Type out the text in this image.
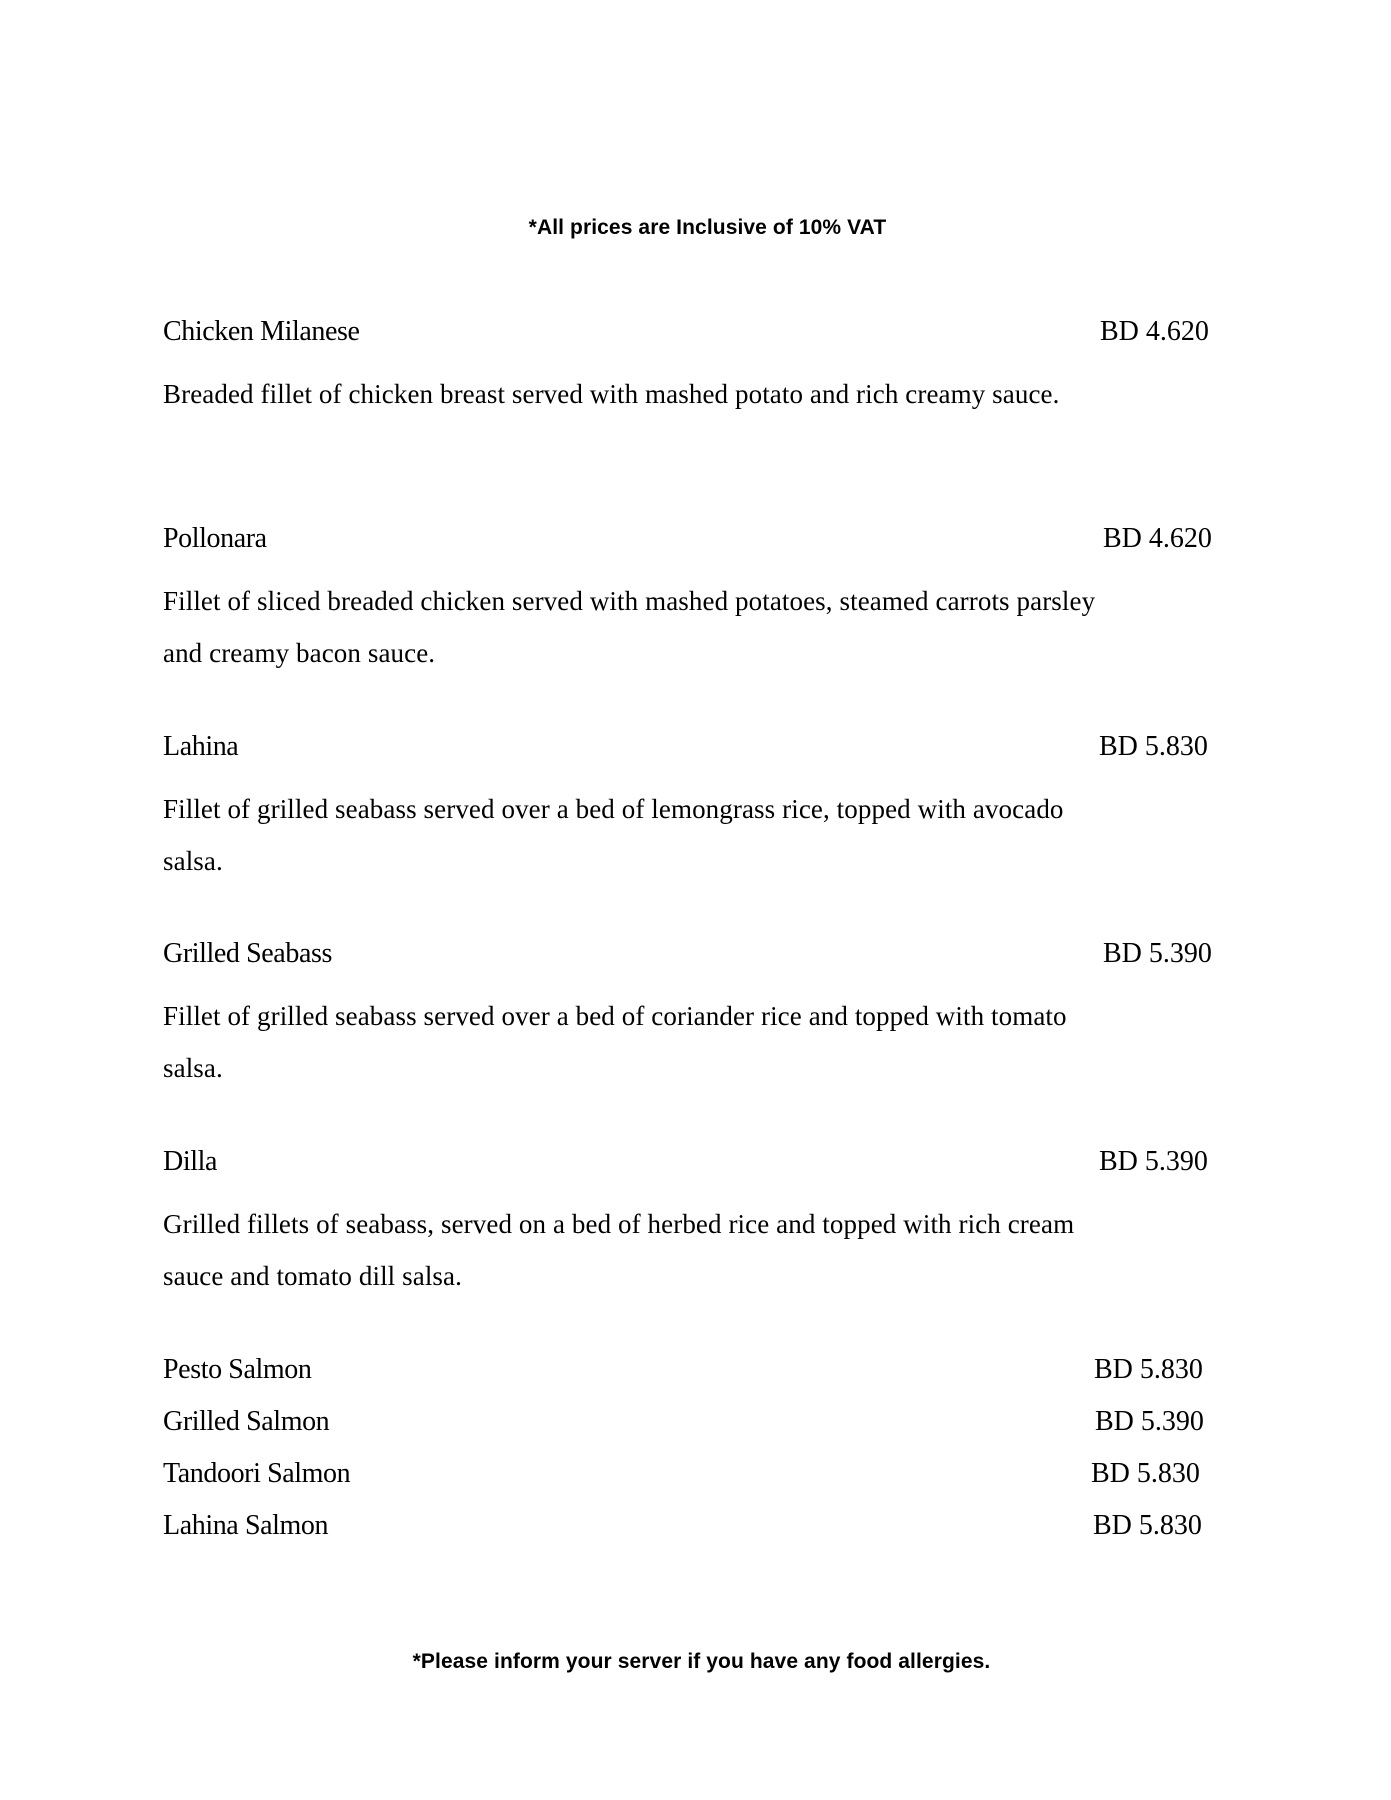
*All prices are Inclusive of 10% VAT
Chicken Milanese	BD 4.620
Breaded fillet of chicken breast served with mashed potato and rich creamy sauce.
Pollonara	BD 4.620
Fillet of sliced breaded chicken served with mashed potatoes, steamed carrots parsley and creamy bacon sauce.
Lahina	BD 5.830
Fillet of grilled seabass served over a bed of lemongrass rice, topped with avocado salsa.
Grilled Seabass	BD 5.390
Fillet of grilled seabass served over a bed of coriander rice and topped with tomato salsa.
Dilla	BD 5.390
Grilled fillets of seabass, served on a bed of herbed rice and topped with rich cream sauce and tomato dill salsa.
Pesto Salmon	BD 5.830
Grilled Salmon	BD 5.390
Tandoori Salmon	BD 5.830
Lahina Salmon	BD 5.830
*Please inform your server if you have any food allergies.
